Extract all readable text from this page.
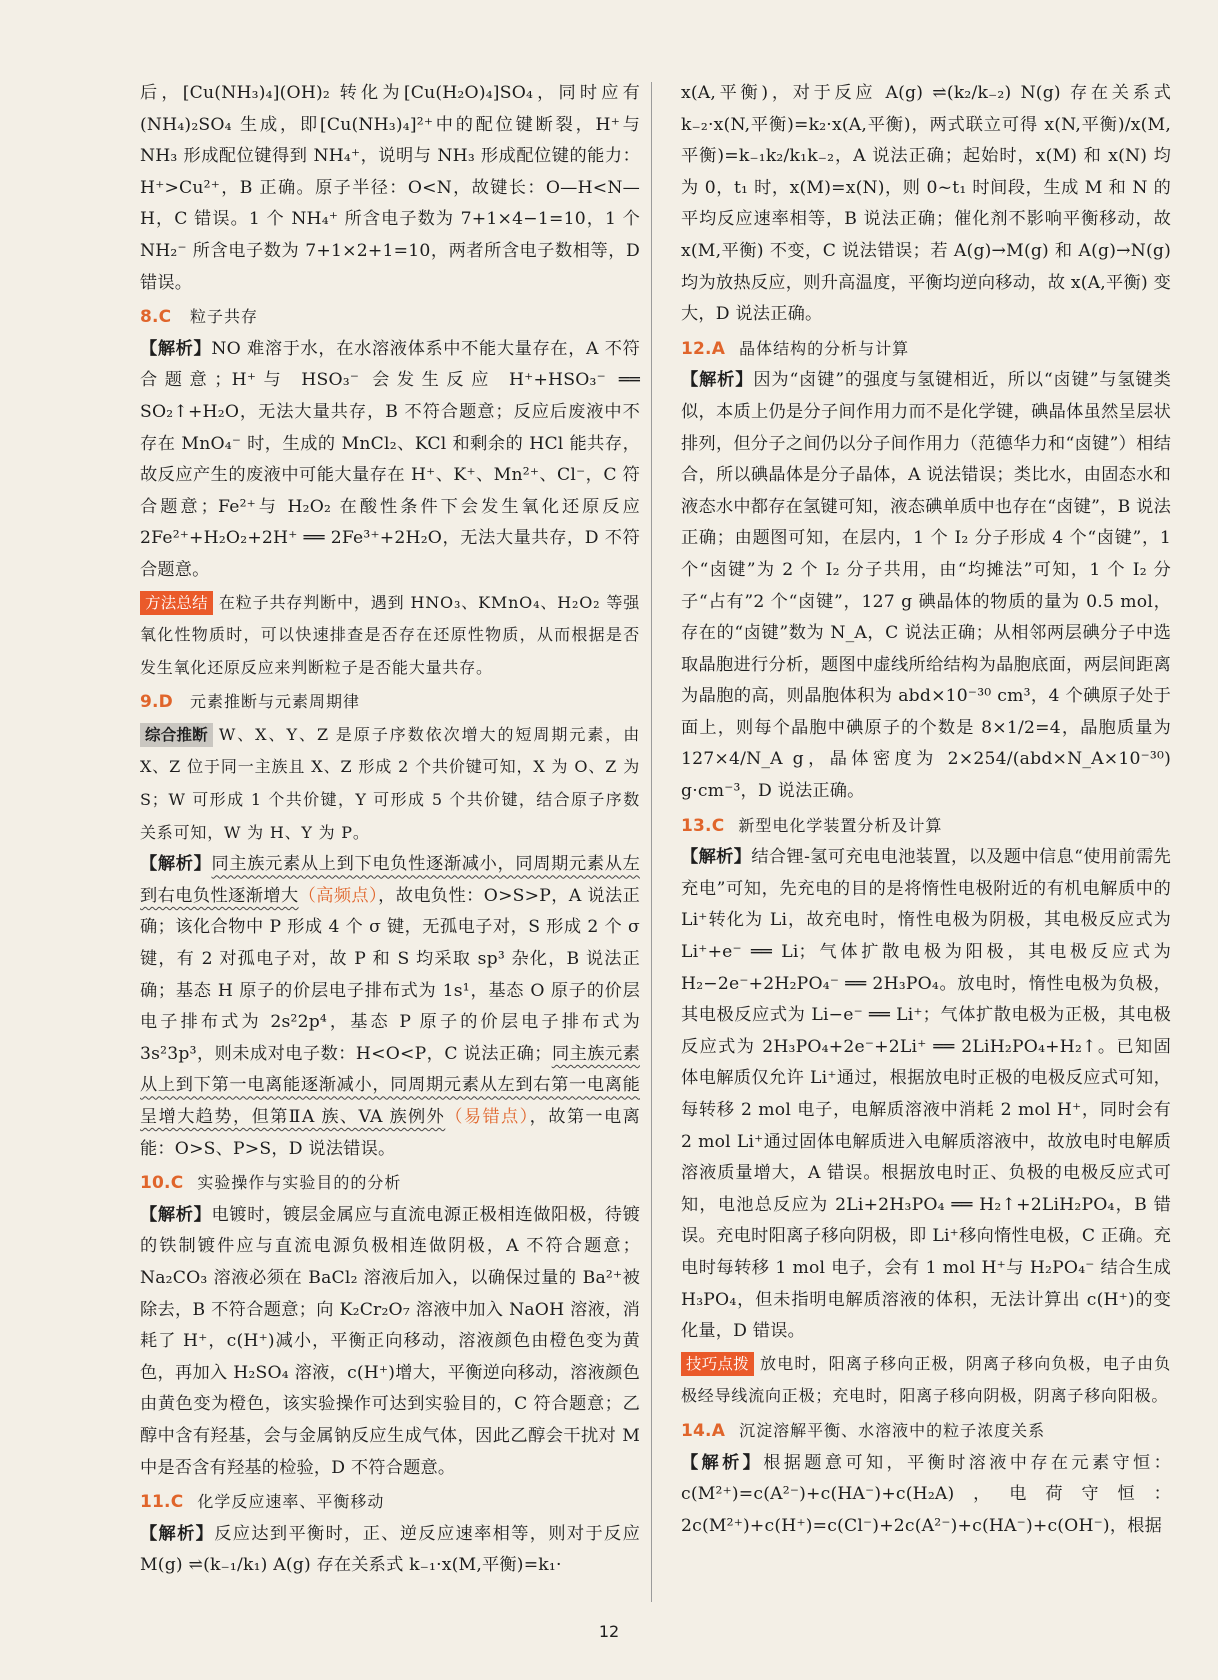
后，[Cu(NH₃)₄](OH)₂ 转化为[Cu(H₂O)₄]SO₄，同时应有(NH₄)₂SO₄ 生成，即[Cu(NH₃)₄]²⁺中的配位键断裂，H⁺与 NH₃ 形成配位键得到 NH₄⁺，说明与 NH₃ 形成配位键的能力：H⁺>Cu²⁺，B 正确。原子半径：O<N，故键长：O—H<N—H，C 错误。1 个 NH₄⁺ 所含电子数为 7+1×4−1=10，1 个 NH₂⁻ 所含电子数为 7+1×2+1=10，两者所含电子数相等，D 错误。

8.C 粒子共存

【解析】NO 难溶于水，在水溶液体系中不能大量存在，A 不符合题意；H⁺与 HSO₃⁻ 会发生反应 H⁺+HSO₃⁻ ══ SO₂↑+H₂O，无法大量共存，B 不符合题意；反应后废液中不存在 MnO₄⁻ 时，生成的 MnCl₂、KCl 和剩余的 HCl 能共存，故反应产生的废液中可能大量存在 H⁺、K⁺、Mn²⁺、Cl⁻，C 符合题意；Fe²⁺与 H₂O₂ 在酸性条件下会发生氧化还原反应 2Fe²⁺+H₂O₂+2H⁺ ══ 2Fe³⁺+2H₂O，无法大量共存，D 不符合题意。

方法总结 在粒子共存判断中，遇到 HNO₃、KMnO₄、H₂O₂ 等强氧化性物质时，可以快速排查是否存在还原性物质，从而根据是否发生氧化还原反应来判断粒子是否能大量共存。

9.D 元素推断与元素周期律

综合推断 W、X、Y、Z 是原子序数依次增大的短周期元素，由 X、Z 位于同一主族且 X、Z 形成 2 个共价键可知，X 为 O、Z 为 S；W 可形成 1 个共价键，Y 可形成 5 个共价键，结合原子序数关系可知，W 为 H、Y 为 P。

【解析】同主族元素从上到下电负性逐渐减小，同周期元素从左到右电负性逐渐增大（高频点），故电负性：O>S>P，A 说法正确；该化合物中 P 形成 4 个 σ 键，无孤电子对，S 形成 2 个 σ 键，有 2 对孤电子对，故 P 和 S 均采取 sp³ 杂化，B 说法正确；基态 H 原子的价层电子排布式为 1s¹，基态 O 原子的价层电子排布式为 2s²2p⁴，基态 P 原子的价层电子排布式为 3s²3p³，则未成对电子数：H<O<P，C 说法正确；同主族元素从上到下第一电离能逐渐减小，同周期元素从左到右第一电离能呈增大趋势，但第ⅡA 族、VA 族例外（易错点），故第一电离能：O>S、P>S，D 说法错误。

10.C 实验操作与实验目的的分析

【解析】电镀时，镀层金属应与直流电源正极相连做阳极，待镀的铁制镀件应与直流电源负极相连做阴极，A 不符合题意；Na₂CO₃ 溶液必须在 BaCl₂ 溶液后加入，以确保过量的 Ba²⁺被除去，B 不符合题意；向 K₂Cr₂O₇ 溶液中加入 NaOH 溶液，消耗了 H⁺，c(H⁺)减小，平衡正向移动，溶液颜色由橙色变为黄色，再加入 H₂SO₄ 溶液，c(H⁺)增大，平衡逆向移动，溶液颜色由黄色变为橙色，该实验操作可达到实验目的，C 符合题意；乙醇中含有羟基，会与金属钠反应生成气体，因此乙醇会干扰对 M 中是否含有羟基的检验，D 不符合题意。

11.C 化学反应速率、平衡移动

【解析】反应达到平衡时，正、逆反应速率相等，则对于反应 M(g) ⇌(k₋₁/k₁) A(g) 存在关系式 k₋₁·x(M,平衡)=k₁·

x(A,平衡)，对于反应 A(g) ⇌(k₂/k₋₂) N(g) 存在关系式 k₋₂·x(N,平衡)=k₂·x(A,平衡)，两式联立可得 x(N,平衡)/x(M,平衡)=k₋₁k₂/k₁k₋₂，A 说法正确；起始时，x(M) 和 x(N) 均为 0，t₁ 时，x(M)=x(N)，则 0~t₁ 时间段，生成 M 和 N 的平均反应速率相等，B 说法正确；催化剂不影响平衡移动，故 x(M,平衡) 不变，C 说法错误；若 A(g)→M(g) 和 A(g)→N(g) 均为放热反应，则升高温度，平衡均逆向移动，故 x(A,平衡) 变大，D 说法正确。

12.A 晶体结构的分析与计算

【解析】因为“卤键”的强度与氢键相近，所以“卤键”与氢键类似，本质上仍是分子间作用力而不是化学键，碘晶体虽然呈层状排列，但分子之间仍以分子间作用力（范德华力和“卤键”）相结合，所以碘晶体是分子晶体，A 说法错误；类比水，由固态水和液态水中都存在氢键可知，液态碘单质中也存在“卤键”，B 说法正确；由题图可知，在层内，1 个 I₂ 分子形成 4 个“卤键”，1 个“卤键”为 2 个 I₂ 分子共用，由“均摊法”可知，1 个 I₂ 分子“占有”2 个“卤键”，127 g 碘晶体的物质的量为 0.5 mol，存在的“卤键”数为 N_A，C 说法正确；从相邻两层碘分子中选取晶胞进行分析，题图中虚线所给结构为晶胞底面，两层间距离为晶胞的高，则晶胞体积为 abd×10⁻³⁰ cm³，4 个碘原子处于面上，则每个晶胞中碘原子的个数是 8×1/2=4，晶胞质量为 127×4/N_A g，晶体密度为 2×254/(abd×N_A×10⁻³⁰) g·cm⁻³，D 说法正确。

13.C 新型电化学装置分析及计算

【解析】结合锂-氢可充电电池装置，以及题中信息“使用前需先充电”可知，先充电的目的是将惰性电极附近的有机电解质中的 Li⁺转化为 Li，故充电时，惰性电极为阴极，其电极反应式为 Li⁺+e⁻ ══ Li；气体扩散电极为阳极，其电极反应式为 H₂−2e⁻+2H₂PO₄⁻ ══ 2H₃PO₄。放电时，惰性电极为负极，其电极反应式为 Li−e⁻ ══ Li⁺；气体扩散电极为正极，其电极反应式为 2H₃PO₄+2e⁻+2Li⁺ ══ 2LiH₂PO₄+H₂↑。已知固体电解质仅允许 Li⁺通过，根据放电时正极的电极反应式可知，每转移 2 mol 电子，电解质溶液中消耗 2 mol H⁺，同时会有 2 mol Li⁺通过固体电解质进入电解质溶液中，故放电时电解质溶液质量增大，A 错误。根据放电时正、负极的电极反应式可知，电池总反应为 2Li+2H₃PO₄ ══ H₂↑+2LiH₂PO₄，B 错误。充电时阳离子移向阴极，即 Li⁺移向惰性电极，C 正确。充电时每转移 1 mol 电子，会有 1 mol H⁺与 H₂PO₄⁻ 结合生成 H₃PO₄，但未指明电解质溶液的体积，无法计算出 c(H⁺)的变化量，D 错误。

技巧点拨 放电时，阳离子移向正极，阴离子移向负极，电子由负极经导线流向正极；充电时，阳离子移向阴极，阴离子移向阳极。

14.A 沉淀溶解平衡、水溶液中的粒子浓度关系

【解析】根据题意可知，平衡时溶液中存在元素守恒：c(M²⁺)=c(A²⁻)+c(HA⁻)+c(H₂A)，电荷守恒：2c(M²⁺)+c(H⁺)=c(Cl⁻)+2c(A²⁻)+c(HA⁻)+c(OH⁻)，根据

12
